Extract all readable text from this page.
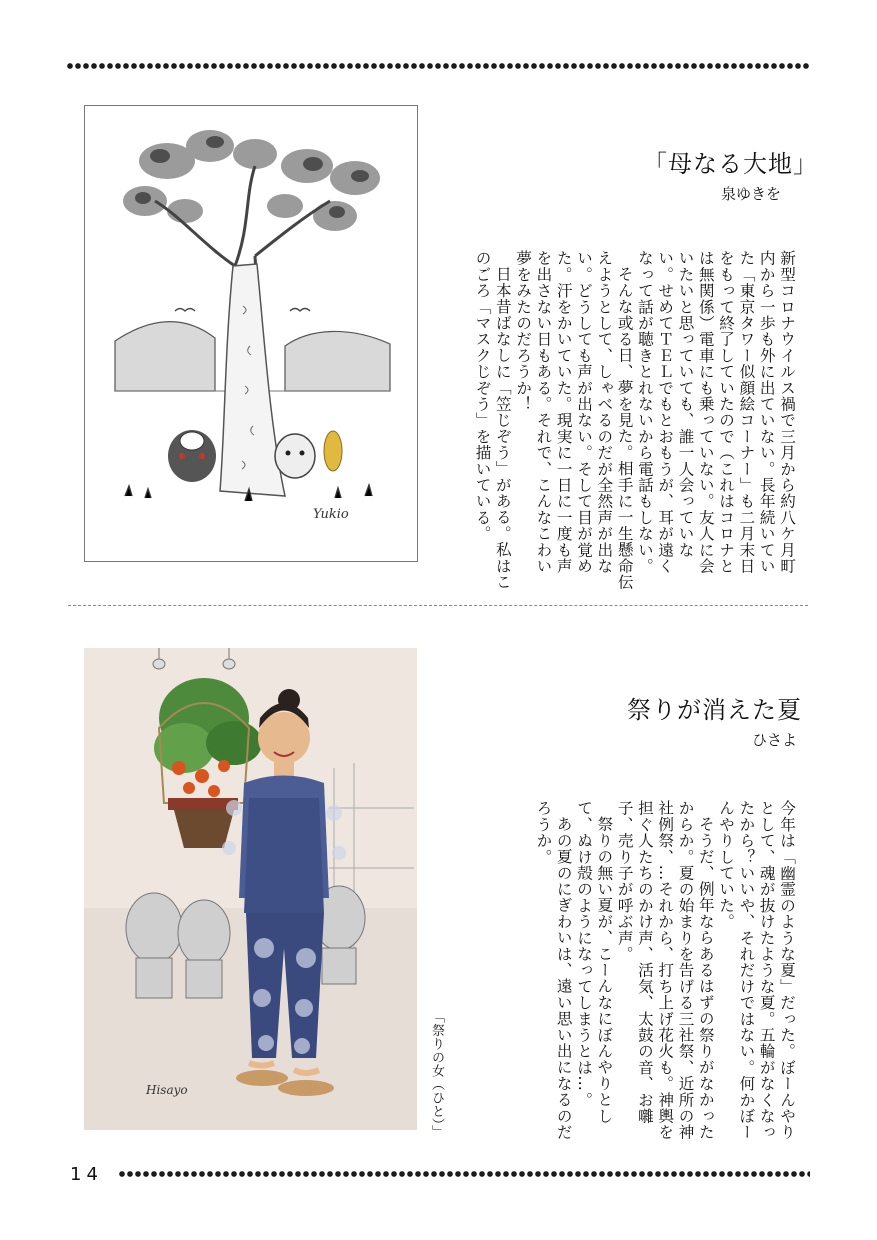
Yukio
「母なる大地」
泉ゆきを

新型コロナウイルス禍で三月から約八ケ月町内から一歩も外に出ていない。長年続いていた「東京タワー似顔絵コーナー」も二月末日をもって終了していたので（これはコロナとは無関係）電車にも乗っていない。友人に会いたいと思っていても、誰一人会っていない。せめてＴＥＬでもとおもうが、耳が遠くなって話が聴きとれないから電話もしない。

そんな或る日、夢を見た。相手に一生懸命伝えようとして、しゃべるのだが全然声が出ない。どうしても声が出ない。そして目が覚めた。汗をかいていた。現実に一日に一度も声を出さない日もある。それで、こんなこわい夢をみたのだろうか！

日本昔ばなしに「笠じぞう」がある。私はこのごろ「マスクじぞう」を描いている。

Hisayo	「祭りの女（ひと）」
祭りが消えた夏
ひさよ

今年は「幽霊のような夏」だった。ぼーんやりとして、魂が抜けたような夏。五輪がなくなったから？いいや、それだけではない。何かぼーんやりしていた。

そうだ、例年ならあるはずの祭りがなかったからか。夏の始まりを告げる三社祭、近所の神社例祭、…それから、打ち上げ花火も。神輿を担ぐ人たちのかけ声、活気、太鼓の音、お囃子、売り子が呼ぶ声。

祭りの無い夏が、こーんなにぼんやりとして、ぬけ殻のようになってしまうとは…。

あの夏のにぎわいは、遠い思い出になるのだろうか。

14
